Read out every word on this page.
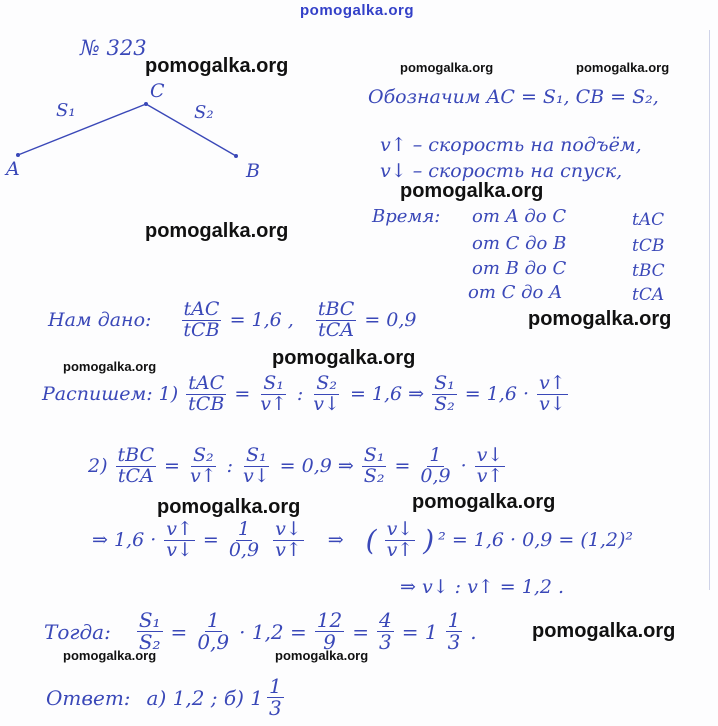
pomogalka.org
pomogalka.org	pomogalka.org	pomogalka.org
pomogalka.org
pomogalka.org
pomogalka.org
pomogalka.org	pomogalka.org
pomogalka.org	pomogalka.org
pomogalka.org
pomogalka.org	pomogalka.org
№ 323
A
C
B
S₁	S₂
Обозначим AC = S₁, CB = S₂,
v↑ – скорость на подъём,
v↓ – скорость на спуск,
Время: от A до C	tAC
от C до B	tCB
от B до C	tBC
от C до A	tCA
Нам дано: $\frac{\text{tAC}}{\text{tCB}} = 1,6$ , $\frac{\text{tBC}}{\text{tCA}} = 0,9$
Распишем: $1) \frac{\text{tAC}}{\text{tCB}} = \frac{\text{S₁}}{v↑}$ : $\frac{\text{S₂}}{v↓} = 1,6$ ⇒ $\frac{\text{S₁}}{\text{S₂}} = 1,6 \cdot \frac{v↑}{v↓}$
$2) \frac{\text{tBC}}{\text{tCA}} = \frac{\text{S₂}}{v↑}$ : $\frac{\text{S₁}}{v↓} = 0,9$ ⇒ $\frac{\text{S₁}}{\text{S₂}} = \frac{1}{0,9} \cdot \frac{v↓}{v↑}$
⇒ $1,6 \cdot \frac{v↑}{v↓} = \frac{1}{0,9} \frac{v↓}{v↑}$ ⇒ ( $\frac{v↓}{v↑}$ ) ² = 1,6 · 0,9 = (1,2)²
⇒ v↓ : v↑ = 1,2 .
Тогда: $\frac{\text{S₁}}{\text{S₂}} = \frac{1}{0,9} \cdot 1,2 = \frac{12}{9} = \frac{4}{3} = 1 \frac{1}{3}$ .
Ответ: а) 1,2 ; б) $1 \frac{1}{3}$
